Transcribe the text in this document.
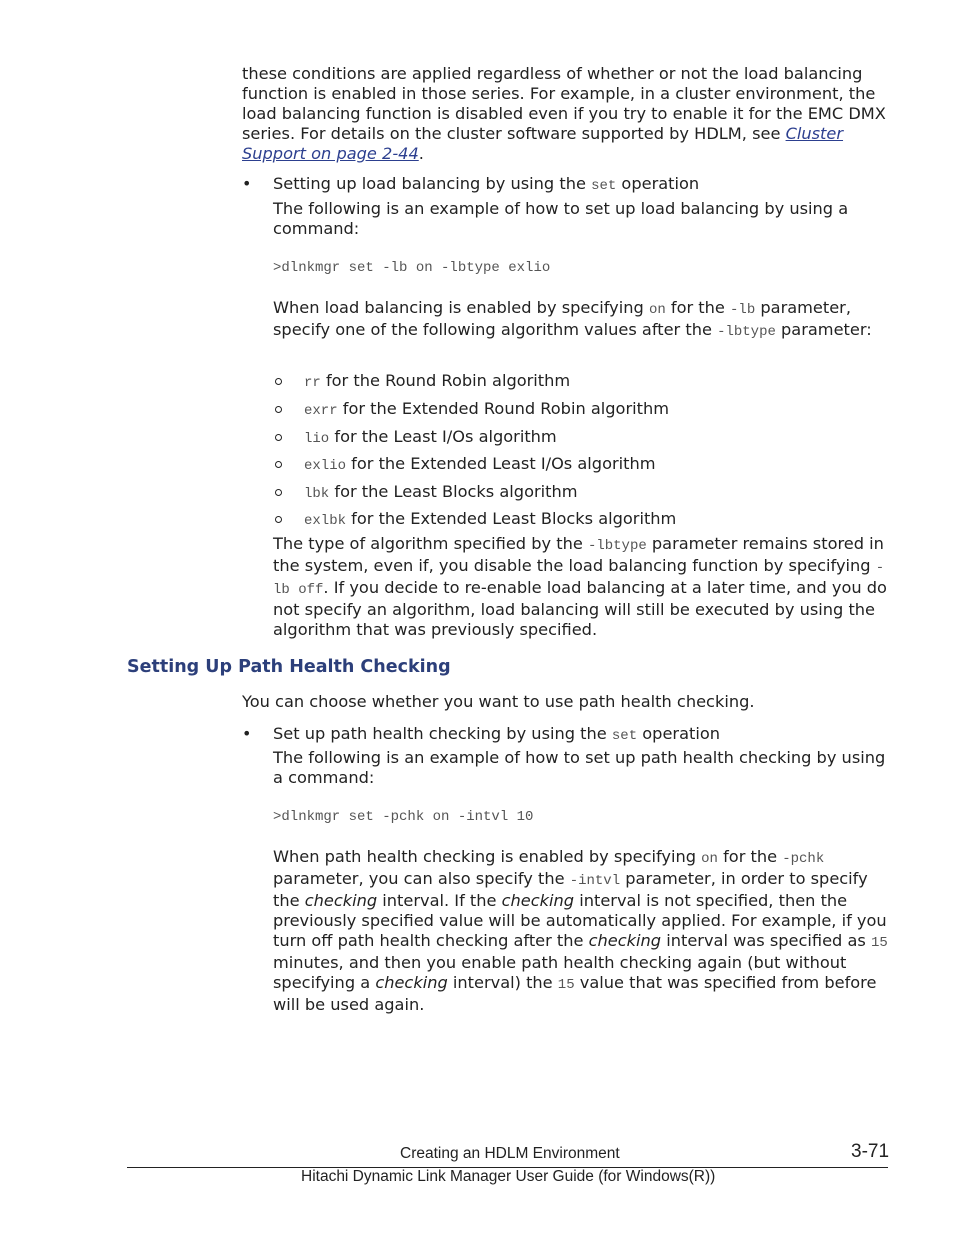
these conditions are applied regardless of whether or not the load balancing function is enabled in those series. For example, in a cluster environment, the load balancing function is disabled even if you try to enable it for the EMC DMX series. For details on the cluster software supported by HDLM, see Cluster Support on page 2-44.

• Setting up load balancing by using the set operation

The following is an example of how to set up load balancing by using a command:

>dlnkmgr set -lb on -lbtype exlio

When load balancing is enabled by specifying on for the -lb parameter, specify one of the following algorithm values after the -lbtype parameter:

rr for the Round Robin algorithm
exrr for the Extended Round Robin algorithm
lio for the Least I/Os algorithm
exlio for the Extended Least I/Os algorithm
lbk for the Least Blocks algorithm
exlbk for the Extended Least Blocks algorithm

The type of algorithm specified by the -lbtype parameter remains stored in the system, even if, you disable the load balancing function by specifying -lb off. If you decide to re-enable load balancing at a later time, and you do not specify an algorithm, load balancing will still be executed by using the algorithm that was previously specified.

Setting Up Path Health Checking

You can choose whether you want to use path health checking.

• Set up path health checking by using the set operation

The following is an example of how to set up path health checking by using a command:

>dlnkmgr set -pchk on -intvl 10

When path health checking is enabled by specifying on for the -pchk parameter, you can also specify the -intvl parameter, in order to specify the checking interval. If the checking interval is not specified, then the previously specified value will be automatically applied. For example, if you turn off path health checking after the checking interval was specified as 15 minutes, and then you enable path health checking again (but without specifying a checking interval) the 15 value that was specified from before will be used again.

Creating an HDLM Environment	3-71
Hitachi Dynamic Link Manager User Guide (for Windows(R))
